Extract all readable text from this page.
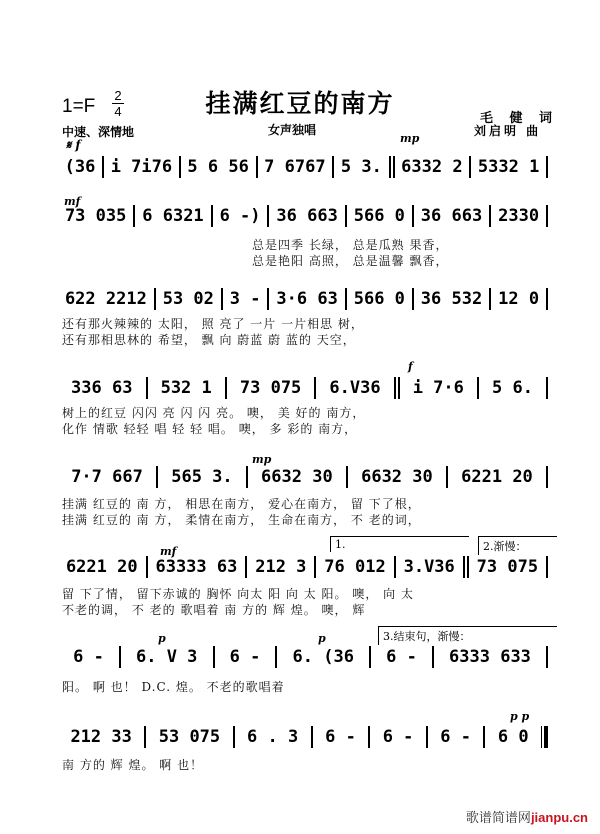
挂满红豆的南方
1=F
2
4
中速、深情地
𝄋 f
女声独唱
毛 健 词
刘启明 曲
mp
mf
f
mp
mf
p	p
p p
1.	2.渐慢：
3.结束句，渐慢：
(36 i 7i76 5 6 56 7 6767 5 3.	6332 2 5332 1
73 035 6 6321 6 -) 36 663 566 0 36 663 2330
总是四季 长绿， 总是瓜熟 果香，
总是艳阳 高照， 总是温馨 飘香，
622 2212 53 02 3 - 3·6 63 566 0 36 532 12 0
还有那火辣辣的 太阳， 照 亮了 一片 一片相思 树，
还有那相思林的 希望， 飘 向 蔚蓝 蔚 蓝的 天空，
336 63	532 1	73 075	6.V36	i 7·6	5 6.
树上的红豆 闪闪 亮 闪 闪 亮。 噢， 美 好的 南方，
化作 情歌 轻轻 唱 轻 轻 唱。 噢， 多 彩的 南方，
7·7 667	565 3.	6632 30	6632 30	6221 20
挂满 红豆的 南 方， 相思在南方， 爱心在南方， 留 下了根，
挂满 红豆的 南 方， 柔情在南方， 生命在南方， 不 老的词，
6221 20	63333 63	212 3	76 012	3.V36	73 075
留 下了情， 留下赤诚的 胸怀 向太 阳 向 太 阳。 噢， 向 太
不老的调， 不 老的 歌唱着 南 方的 辉 煌。 噢， 辉
6 -	6. V 3	6 -	6. (36	6 -	6333 633
阳。 啊 也！ D.C. 煌。 不老的歌唱着
212 33	53 075	6 . 3	6 -	6 -	6 -	6 0
南 方的 辉 煌。 啊 也！
歌谱简谱网jianpu.cn
